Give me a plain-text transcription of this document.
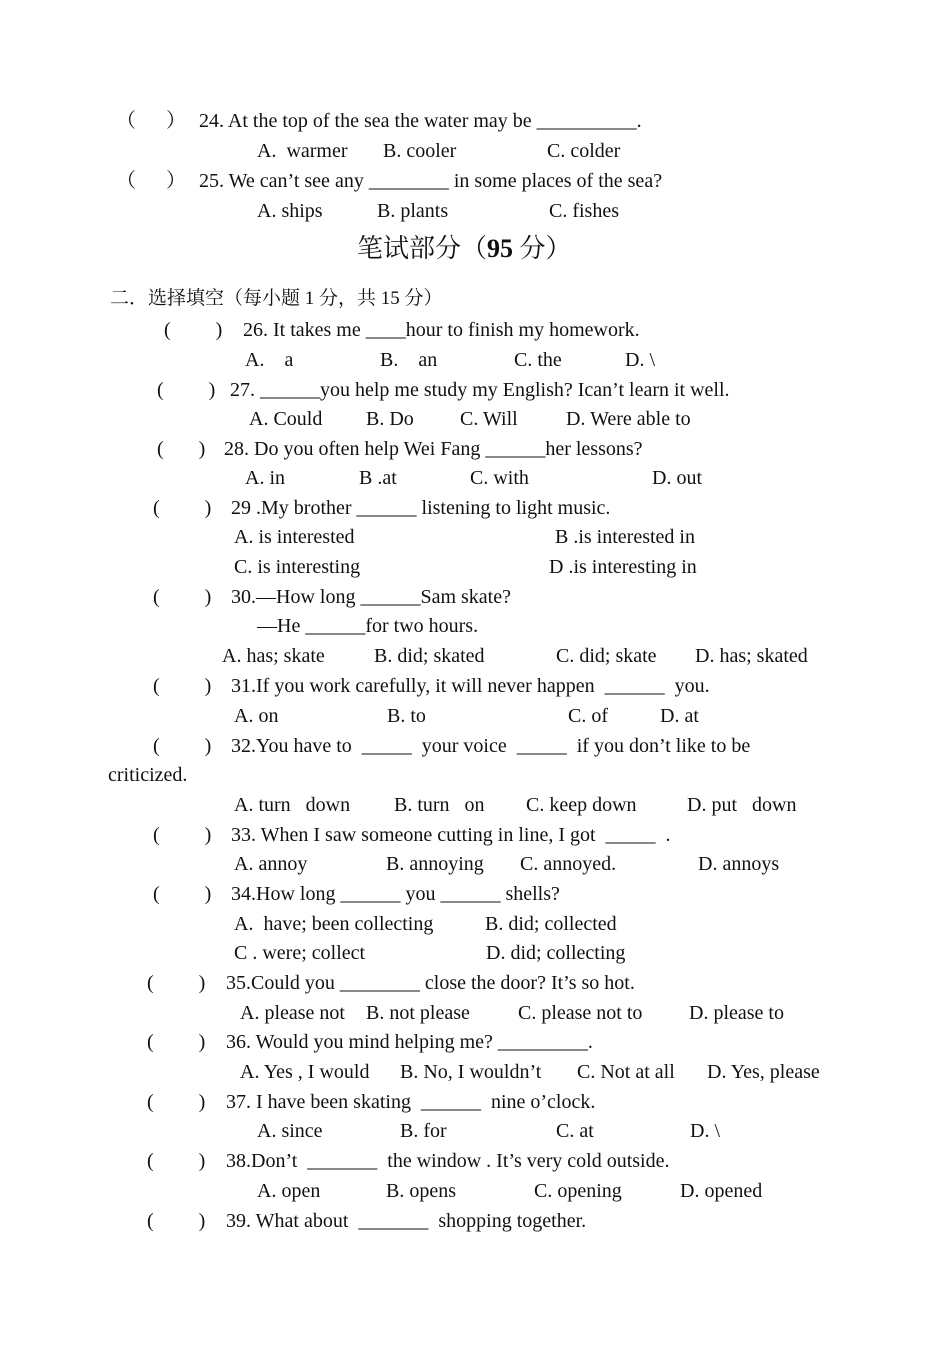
（      ） 24. At the top of the sea the water may be __________.
A.  warmer B. cooler	C. colder
（      ） 25. We can’t see any ________ in some places of the sea?
A. ships	B. plants	C. fishes
笔试部分（95 分）
二．选择填空（每小题 1 分，共 15 分）
(         ) 26. It takes me ____hour to finish my homework.
A.    a	B.    an	C. the	D. \
(         ) 27. ______you help me study my English? Ican’t learn it well.
A. Could B. Do C. Will D. Were able to
(       ) 28. Do you often help Wei Fang ______her lessons?
A. in	B .at	C. with	D. out
(         ) 29 .My brother ______ listening to light music.
A. is interested	B .is interested in
C. is interesting	D .is interesting in
(         ) 30.—How long ______Sam skate?
—He ______for two hours.
A. has; skate B. did; skated	C. did; skate D. has; skated
(         ) 31.If you work carefully, it will never happen  ______  you.
A. on	B. to	C. of	D. at
(         ) 32.You have to  _____  your voice  _____  if you don’t like to be
criticized.
A. turn   down B. turn   on C. keep down	D. put   down
(         ) 33. When I saw someone cutting in line, I got  _____  .
A. annoy	B. annoying C. annoyed.	D. annoys
(         ) 34.How long ______ you ______ shells?
A.  have; been collecting	B. did; collected
C . were; collect	D. did; collecting
(         ) 35.Could you ________ close the door? It’s so hot.
A. please not B. not please C. please not to D. please to
(         ) 36. Would you mind helping me? _________.
A. Yes , I would B. No, I wouldn’t C. Not at all D. Yes, please
(         ) 37. I have been skating  ______  nine o’clock.
A. since	B. for	C. at	D. \
(         ) 38.Don’t  _______  the window . It’s very cold outside.
A. open	B. opens	C. opening	D. opened
(         ) 39. What about  _______  shopping together.
